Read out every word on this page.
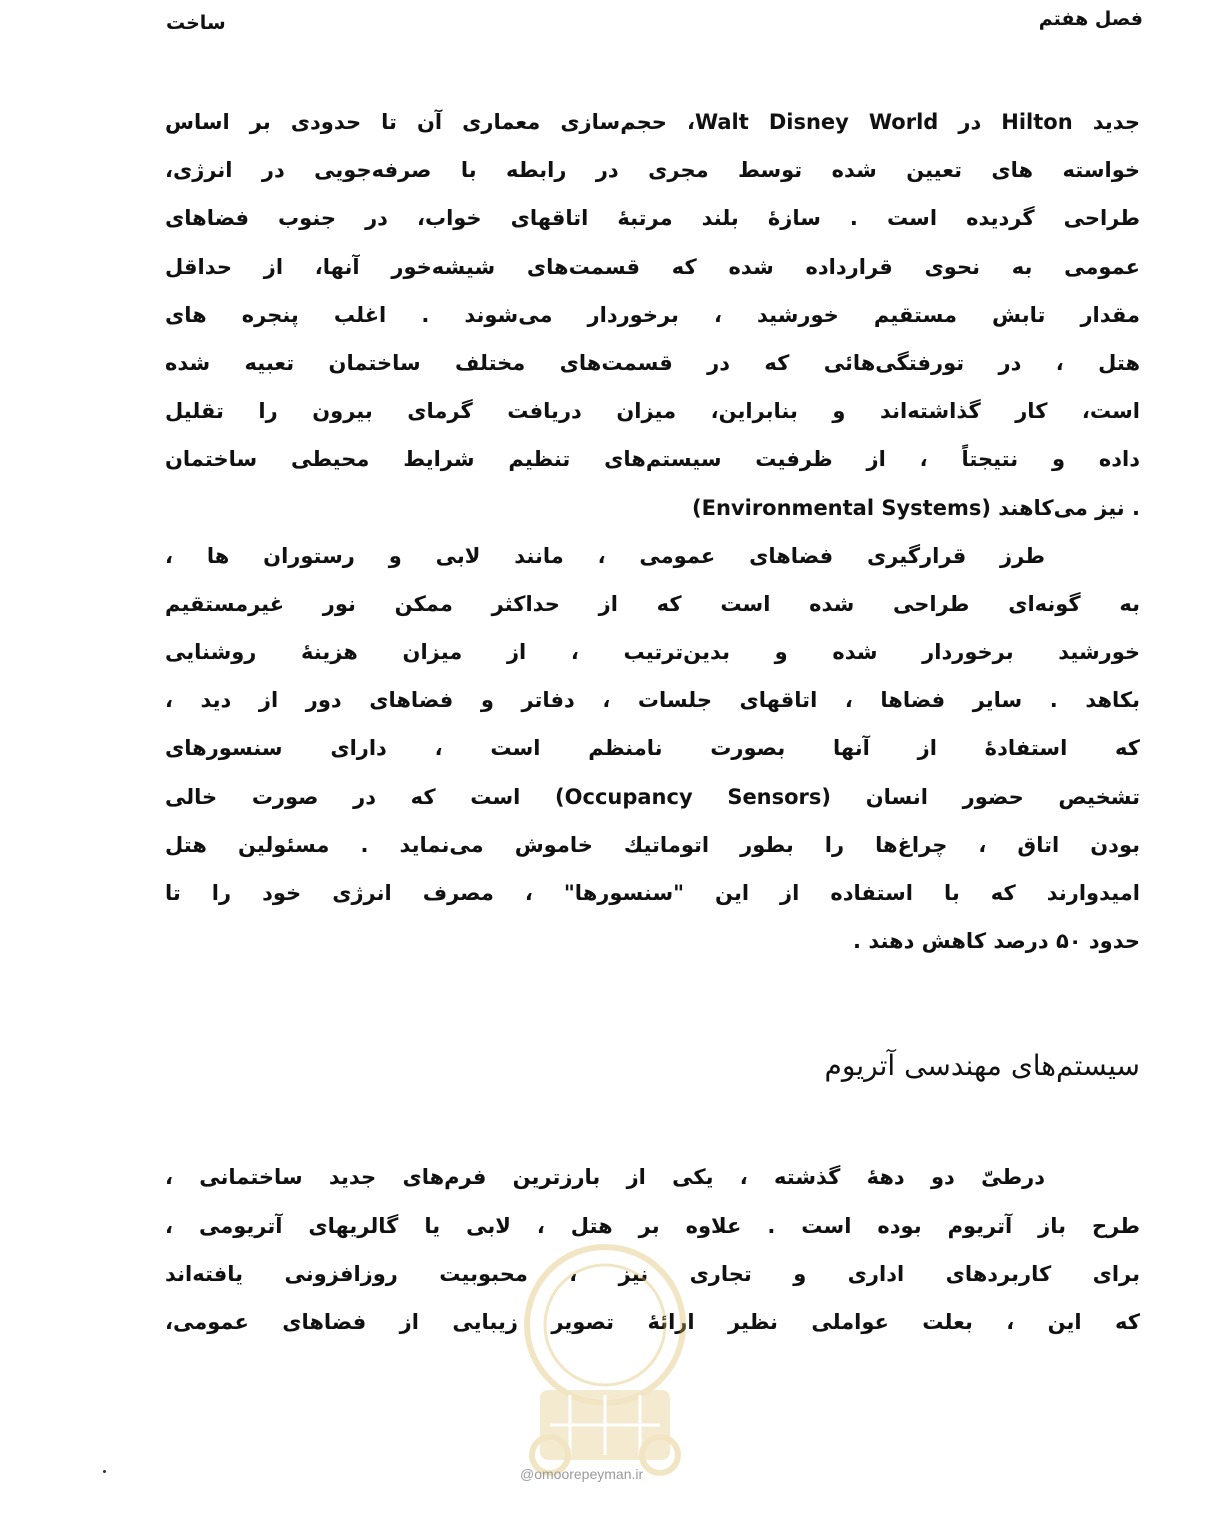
فصل هفتم
ساخت
جدید Hilton در Walt Disney World، حجم‌سازی معماری آن تا حدودی بر اساس
خواسته های تعیین شده توسط مجری در رابطه با صرفه‌جویی در انرژی،
طراحی گردیده است . سازهٔ بلند مرتبهٔ اتاقهای خواب، در جنوب فضاهای
عمومی به نحوی قرارداده شده که قسمت‌های شیشه‌خور آنها، از حداقل
مقدار تابش مستقیم خورشید ، برخوردار می‌شوند . اغلب پنجره های
هتل ، در تورفتگی‌هائی که در قسمت‌های مختلف ساختمان تعبیه شده
است، کار گذاشته‌اند و بنابراین، میزان دریافت گرمای بیرون را تقلیل
داده و نتیجتاً ، از ظرفیت سیستم‌های تنظیم شرایط محیطی ساختمان
(Environmental Systems) نیز می‌کاهند .
طرز قرارگیری فضاهای عمومی ، مانند لابی و رستوران ها ،
به گونه‌ای طراحی شده است که از حداکثر ممکن نور غیرمستقیم
خورشید برخوردار شده و بدین‌ترتیب ، از میزان هزینهٔ روشنایی
بکاهد . سایر فضاها ، اتاقهای جلسات ، دفاتر و فضاهای دور از دید ،
که استفادهٔ از آنها بصورت نامنظم است ، دارای سنسورهای
تشخیص حضور انسان (Occupancy Sensors) است که در صورت خالی
بودن اتاق ، چراغ‌ها را بطور اتوماتیك خاموش می‌نماید . مسئولین هتل
امیدوارند که با استفاده از این "سنسورها" ، مصرف انرژی خود را تا
حدود ۵۰ درصد کاهش دهند .
سیستم‌های مهندسی آتریوم
درطیّ دو دههٔ گذشته ، یکی از بارزترین فرم‌های جدید ساختمانی ،
طرح باز آتریوم بوده است . علاوه بر هتل ، لابی یا گالریهای آتریومی ،
برای کاربردهای اداری و تجاری نیز ، محبوبیت روزافزونی یافته‌اند
که این ، بعلت عواملی نظیر ارائهٔ تصویر زیبایی از فضاهای عمومی،
@omoorepeyman.ir
